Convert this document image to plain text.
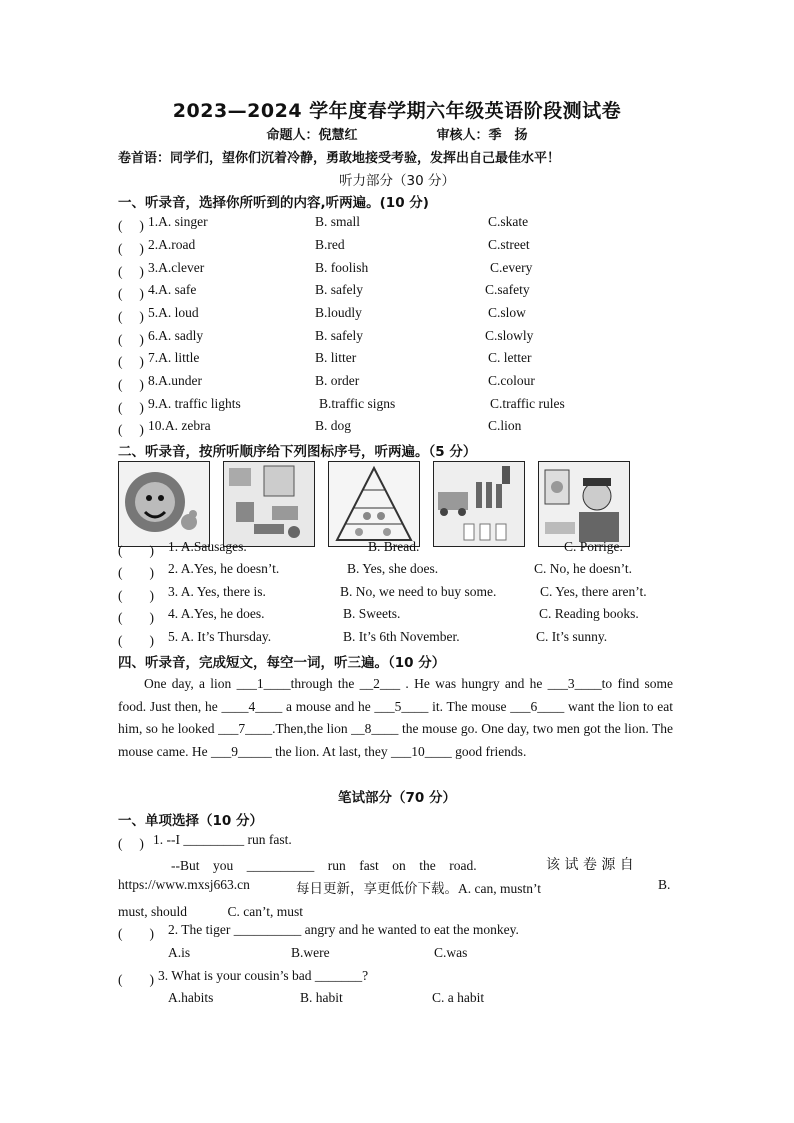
2023—2024 学年度春学期六年级英语阶段测试卷
命题人：倪慧红	审核人：季　扬
卷首语：同学们，望你们沉着冷静，勇敢地接受考验，发挥出自己最佳水平！
听力部分（30 分）
一、听录音，选择你所听到的内容,听两遍。(10 分)
(　 ) 1.A. singer	B. small	C.skate
(　 ) 2.A.road	B.red	C.street
(　 ) 3.A.clever	B. foolish	C.every
(　 ) 4.A. safe	B. safely	C.safety
(　 ) 5.A. loud	B.loudly	C.slow
(　 ) 6.A. sadly	B. safely	C.slowly
(　 ) 7.A. little	B. litter	C. letter
(　 ) 8.A.under	B. order	C.colour
(　 ) 9.A. traffic lights	B.traffic signs	C.traffic rules
(　 ) 10.A. zebra	B. dog	C.lion
二、听录音，按所听顺序给下列图标序号，听两遍。（5 分）
(　　) 1. A.Sausages.	B. Bread.	C. Porrige.
(　　) 2. A.Yes, he doesn’t.	B. Yes, she does.	C. No, he doesn’t.
(　　) 3. A. Yes, there is.	B. No, we need to buy some.	C. Yes, there aren’t.
(　　) 4. A.Yes, he does.	B. Sweets.	C. Reading books.
(　　) 5. A. It’s Thursday.	B. It’s 6th November.	C. It’s sunny.
四、听录音，完成短文，每空一词，听三遍。（10 分）
One day, a lion ___1____through the __2___ . He was hungry and he ___3____to find some food. Just then, he ____4____ a mouse and he ___5____ it. The mouse ___6____ want the lion to eat him, so he looked ___7____.Then,the lion __8____ the mouse go. One day, two men got the lion. The mouse came. He ___9_____ the lion. At last, they ___10____ good friends.
笔试部分（70 分）
一、单项选择（10 分）
(　 ) 1. --I _________ run fast.
--But　you　__________　run　fast　on　the　road.	该 试 卷 源 自
https://www.mxsj663.cn	每日更新，享更低价下载。A. can, mustn’t	B.
must, should　　　C. can’t, must
(　　) 2. The tiger __________ angry and he wanted to eat the monkey.
A.is	B.were	C.was
(　　) 3. What is your cousin’s bad _______?
A.habits	B. habit	C. a habit
